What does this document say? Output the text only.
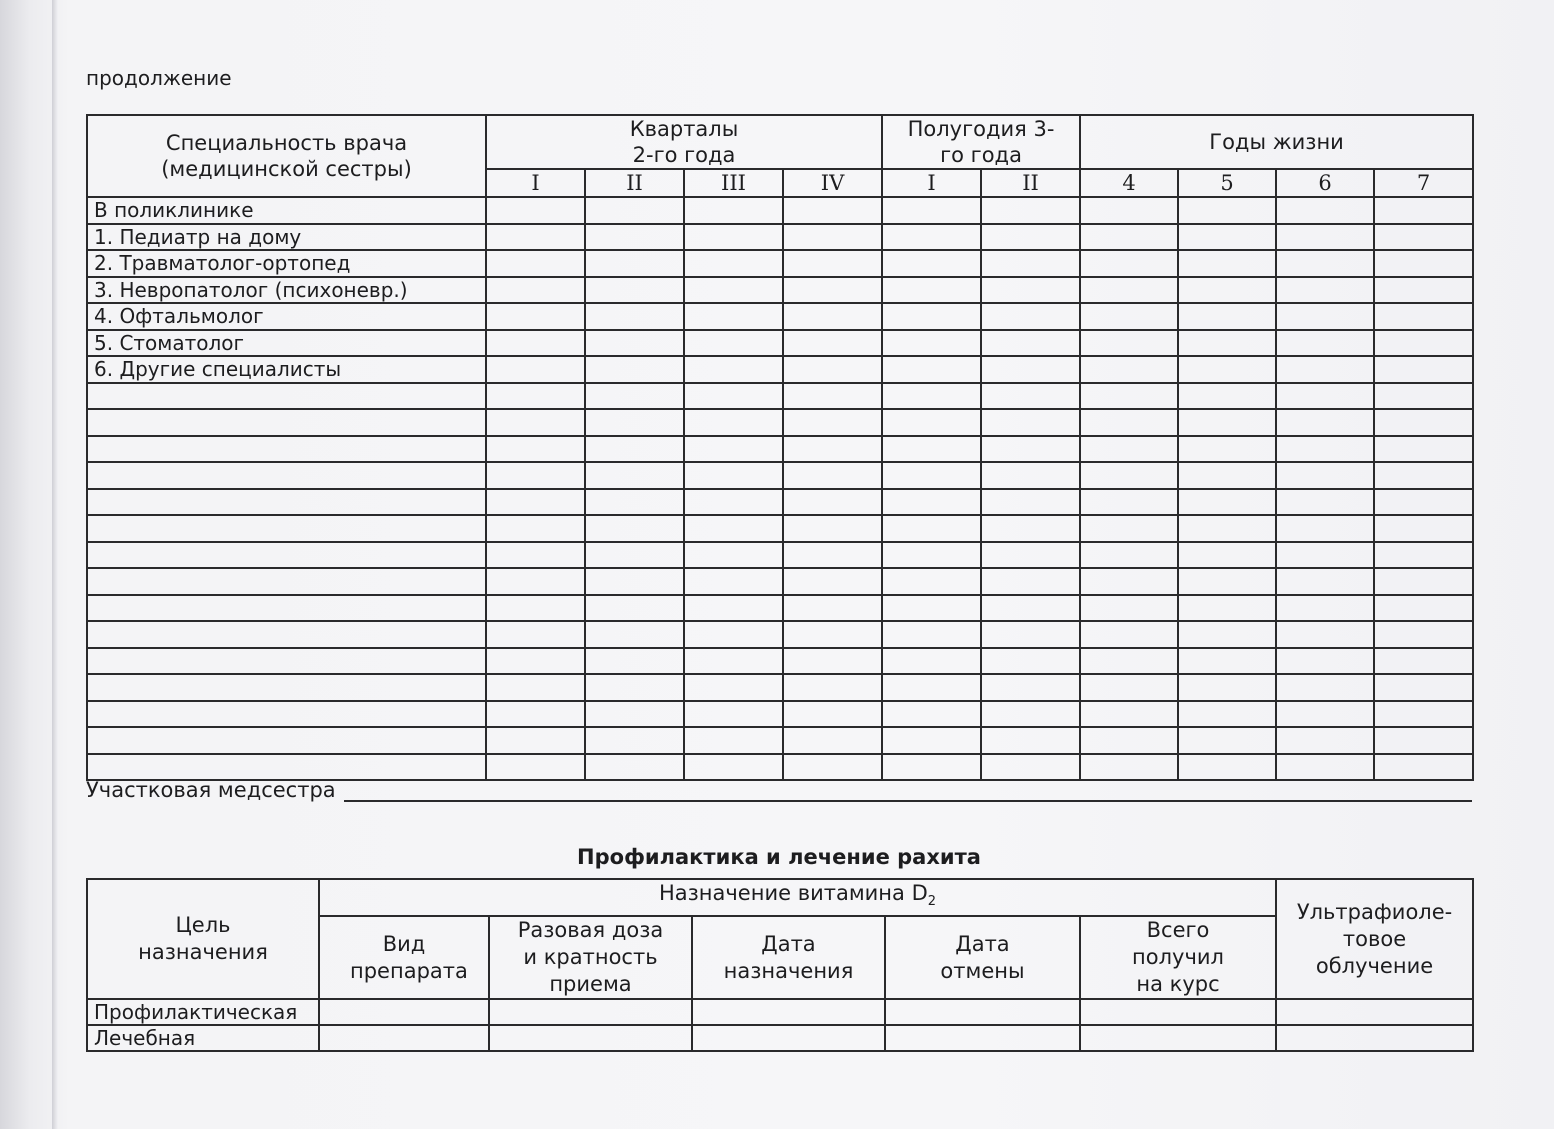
продолжение
Специальность врача (медицинской сестры)	Кварталы 2-го года				Полугодия 3-го года		Годы жизни			
	I	II	III	IV	I	II	4	5	6	7
В поликлинике										
1. Педиатр на дому										
2. Травматолог-ортопед										
3. Невропатолог (психоневр.)										
4. Офтальмолог										
5. Стоматолог										
6. Другие специалисты										

Участковая медсестра
Профилактика и лечение рахита
Цель назначения	Назначение витамина $D_2$					Ультрафиоле-товое облучение
	Вид препарата	Разовая доза и кратность приема	Дата назначения	Дата отмены	Всего получил на курс	
Профилактическая						
Лечебная						
